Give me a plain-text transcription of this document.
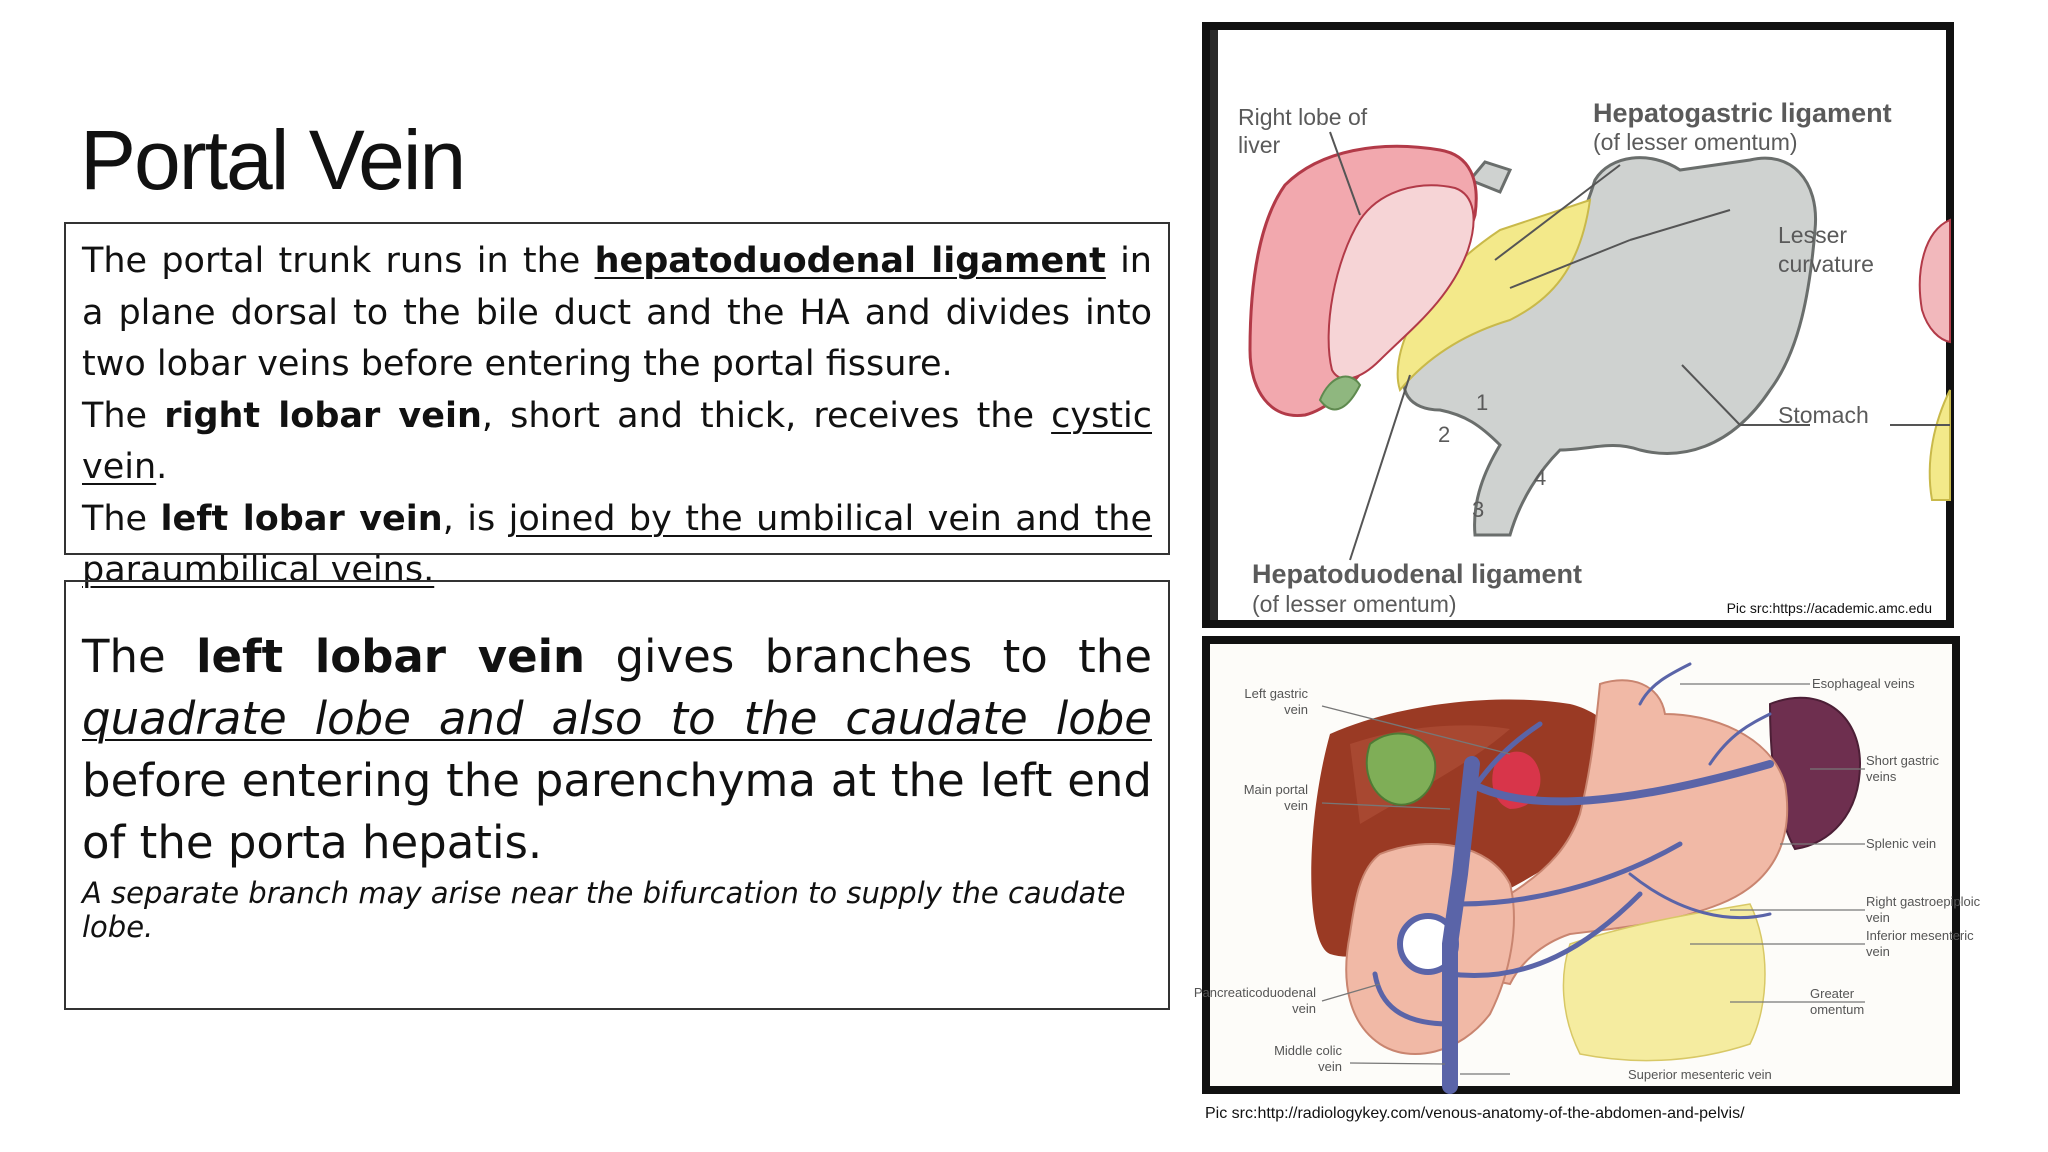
Portal Vein

The portal trunk runs in the hepatoduodenal ligament in a plane dorsal to the bile duct and the HA and divides into two lobar veins before entering the portal fissure.
The right lobar vein, short and thick, receives the cystic vein.
The left lobar vein, is joined by the umbilical vein and the paraumbilical veins.

The left lobar vein gives branches to the quadrate lobe and also to the caudate lobe before entering the parenchyma at the left end of the porta hepatis.

A separate branch may arise near the bifurcation to supply the caudate lobe.

Right lobe of
liver
Hepatogastric ligament
(of lesser omentum)
Lesser
curvature
Stomach
Hepatoduodenal ligament
(of lesser omentum)
1
2
3
4
Pic src:https://academic.amc.edu
Left gastric
vein
Main portal
vein
Pancreaticoduodenal
vein
Middle colic
vein
Esophageal veins
Short gastric
veins
Splenic vein
Right gastroepiploic
vein
Inferior mesenteric
vein
Greater
omentum
Superior mesenteric vein
Pic src:http://radiologykey.com/venous-anatomy-of-the-abdomen-and-pelvis/
